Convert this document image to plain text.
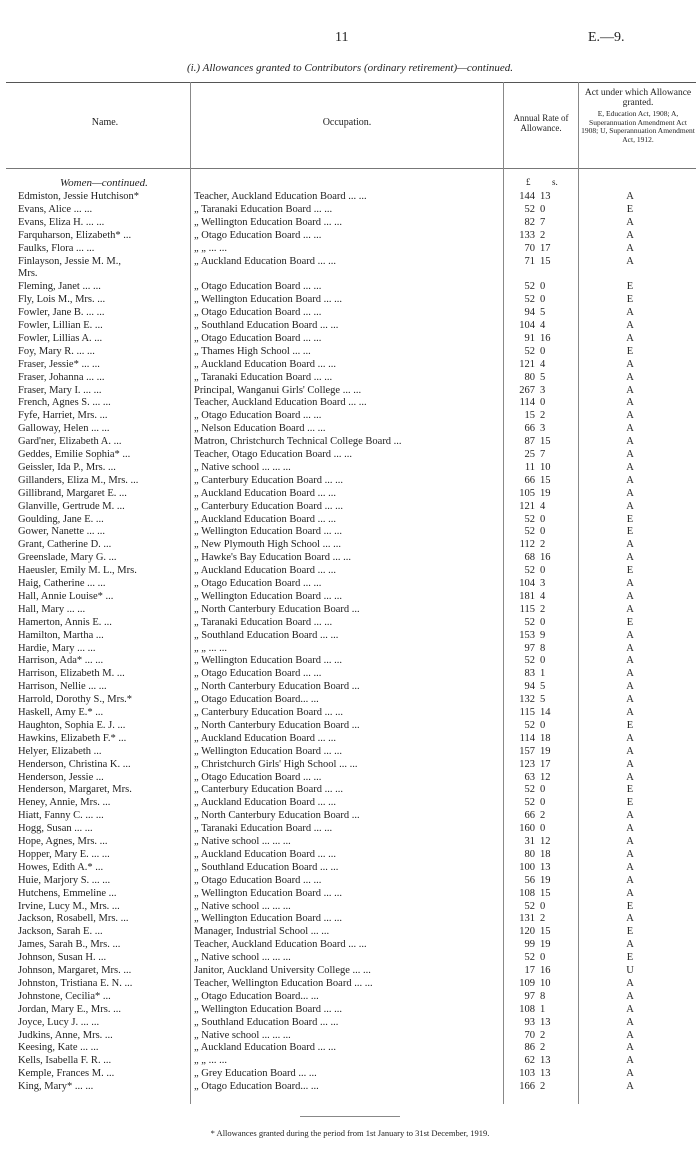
11	E.—9.
(i.) Allowances granted to Contributors (ordinary retirement)—continued.
Name.	Occupation.	Annual Rate of Allowance.
Act under which Allowance granted.
E, Education Act, 1908; A, Superannuation Amendment Act 1908; U, Superannuation Amendment Act, 1912.
Women—continued.	£ s.
Edmiston, Jessie Hutchison*	Teacher, Auckland Education Board ... ...	144 13	A
Evans, Alice ... ...	„ Taranaki Education Board ... ...	52 0	E
Evans, Eliza H. ... ...	„ Wellington Education Board ... ...	82 7	A
Farquharson, Elizabeth* ...	„ Otago Education Board ... ...	133 2	A
Faulks, Flora ... ...	„ „ ... ...	70 17	A
Finlayson, Jessie M. M.,	„ Auckland Education Board ... ...	71 15	A
Mrs.
Fleming, Janet ... ...	„ Otago Education Board ... ...	52 0	E
Fly, Lois M., Mrs. ...	„ Wellington Education Board ... ...	52 0	E
Fowler, Jane B. ... ...	„ Otago Education Board ... ...	94 5	A
Fowler, Lillian E. ...	„ Southland Education Board ... ...	104 4	A
Fowler, Lillias A. ...	„ Otago Education Board ... ...	91 16	A
Foy, Mary R. ... ...	„ Thames High School ... ...	52 0	E
Fraser, Jessie* ... ...	„ Auckland Education Board ... ...	121 4	A
Fraser, Johanna ... ...	„ Taranaki Education Board ... ...	80 5	A
Fraser, Mary I. ... ...	Principal, Wanganui Girls' College ... ...	267 3	A
French, Agnes S. ... ...	Teacher, Auckland Education Board ... ...	114 0	A
Fyfe, Harriet, Mrs. ...	„ Otago Education Board ... ...	15 2	A
Galloway, Helen ... ...	„ Nelson Education Board ... ...	66 3	A
Gard'ner, Elizabeth A. ...	Matron, Christchurch Technical College Board ...	87 15	A
Geddes, Emilie Sophia* ...	Teacher, Otago Education Board ... ...	25 7	A
Geissler, Ida P., Mrs. ...	„ Native school ... ... ...	11 10	A
Gillanders, Eliza M., Mrs. ...	„ Canterbury Education Board ... ...	66 15	A
Gillibrand, Margaret E. ...	„ Auckland Education Board ... ...	105 19	A
Glanville, Gertrude M. ...	„ Canterbury Education Board ... ...	121 4	A
Goulding, Jane E. ...	„ Auckland Education Board ... ...	52 0	E
Gower, Nanette ... ...	„ Wellington Education Board ... ...	52 0	E
Grant, Catherine D. ...	„ New Plymouth High School ... ...	112 2	A
Greenslade, Mary G. ...	„ Hawke's Bay Education Board ... ...	68 16	A
Haeusler, Emily M. L., Mrs.	„ Auckland Education Board ... ...	52 0	E
Haig, Catherine ... ...	„ Otago Education Board ... ...	104 3	A
Hall, Annie Louise* ...	„ Wellington Education Board ... ...	181 4	A
Hall, Mary ... ...	„ North Canterbury Education Board ...	115 2	A
Hamerton, Annis E. ...	„ Taranaki Education Board ... ...	52 0	E
Hamilton, Martha ...	„ Southland Education Board ... ...	153 9	A
Hardie, Mary ... ...	„ „ ... ...	97 8	A
Harrison, Ada* ... ...	„ Wellington Education Board ... ...	52 0	A
Harrison, Elizabeth M. ...	„ Otago Education Board ... ...	83 1	A
Harrison, Nellie ... ...	„ North Canterbury Education Board ...	94 5	A
Harrold, Dorothy S., Mrs.*	„ Otago Education Board... ...	132 5	A
Haskell, Amy E.* ...	„ Canterbury Education Board ... ...	115 14	A
Haughton, Sophia E. J. ...	„ North Canterbury Education Board ...	52 0	E
Hawkins, Elizabeth F.* ...	„ Auckland Education Board ... ...	114 18	A
Helyer, Elizabeth ...	„ Wellington Education Board ... ...	157 19	A
Henderson, Christina K. ...	„ Christchurch Girls' High School ... ...	123 17	A
Henderson, Jessie ...	„ Otago Education Board ... ...	63 12	A
Henderson, Margaret, Mrs.	„ Canterbury Education Board ... ...	52 0	E
Heney, Annie, Mrs. ...	„ Auckland Education Board ... ...	52 0	E
Hiatt, Fanny C. ... ...	„ North Canterbury Education Board ...	66 2	A
Hogg, Susan ... ...	„ Taranaki Education Board ... ...	160 0	A
Hope, Agnes, Mrs. ...	„ Native school ... ... ...	31 12	A
Hopper, Mary E. ... ...	„ Auckland Education Board ... ...	80 18	A
Howes, Edith A.* ...	„ Southland Education Board ... ...	100 13	A
Huie, Marjory S. ... ...	„ Otago Education Board ... ...	56 19	A
Hutchens, Emmeline ...	„ Wellington Education Board ... ...	108 15	A
Irvine, Lucy M., Mrs. ...	„ Native school ... ... ...	52 0	E
Jackson, Rosabell, Mrs. ...	„ Wellington Education Board ... ...	131 2	A
Jackson, Sarah E. ...	Manager, Industrial School ... ...	120 15	E
James, Sarah B., Mrs. ...	Teacher, Auckland Education Board ... ...	99 19	A
Johnson, Susan H. ...	„ Native school ... ... ...	52 0	E
Johnson, Margaret, Mrs. ...	Janitor, Auckland University College ... ...	17 16	U
Johnston, Tristiana E. N. ...	Teacher, Wellington Education Board ... ...	109 10	A
Johnstone, Cecilia* ...	„ Otago Education Board... ...	97 8	A
Jordan, Mary E., Mrs. ...	„ Wellington Education Board ... ...	108 1	A
Joyce, Lucy J. ... ...	„ Southland Education Board ... ...	93 13	A
Judkins, Anne, Mrs. ...	„ Native school ... ... ...	70 2	A
Keesing, Kate ... ...	„ Auckland Education Board ... ...	86 2	A
Kells, Isabella F. R. ...	„ „ ... ...	62 13	A
Kemple, Frances M. ...	„ Grey Education Board ... ...	103 13	A
King, Mary* ... ...	„ Otago Education Board... ...	166 2	A
* Allowances granted during the period from 1st January to 31st December, 1919.
